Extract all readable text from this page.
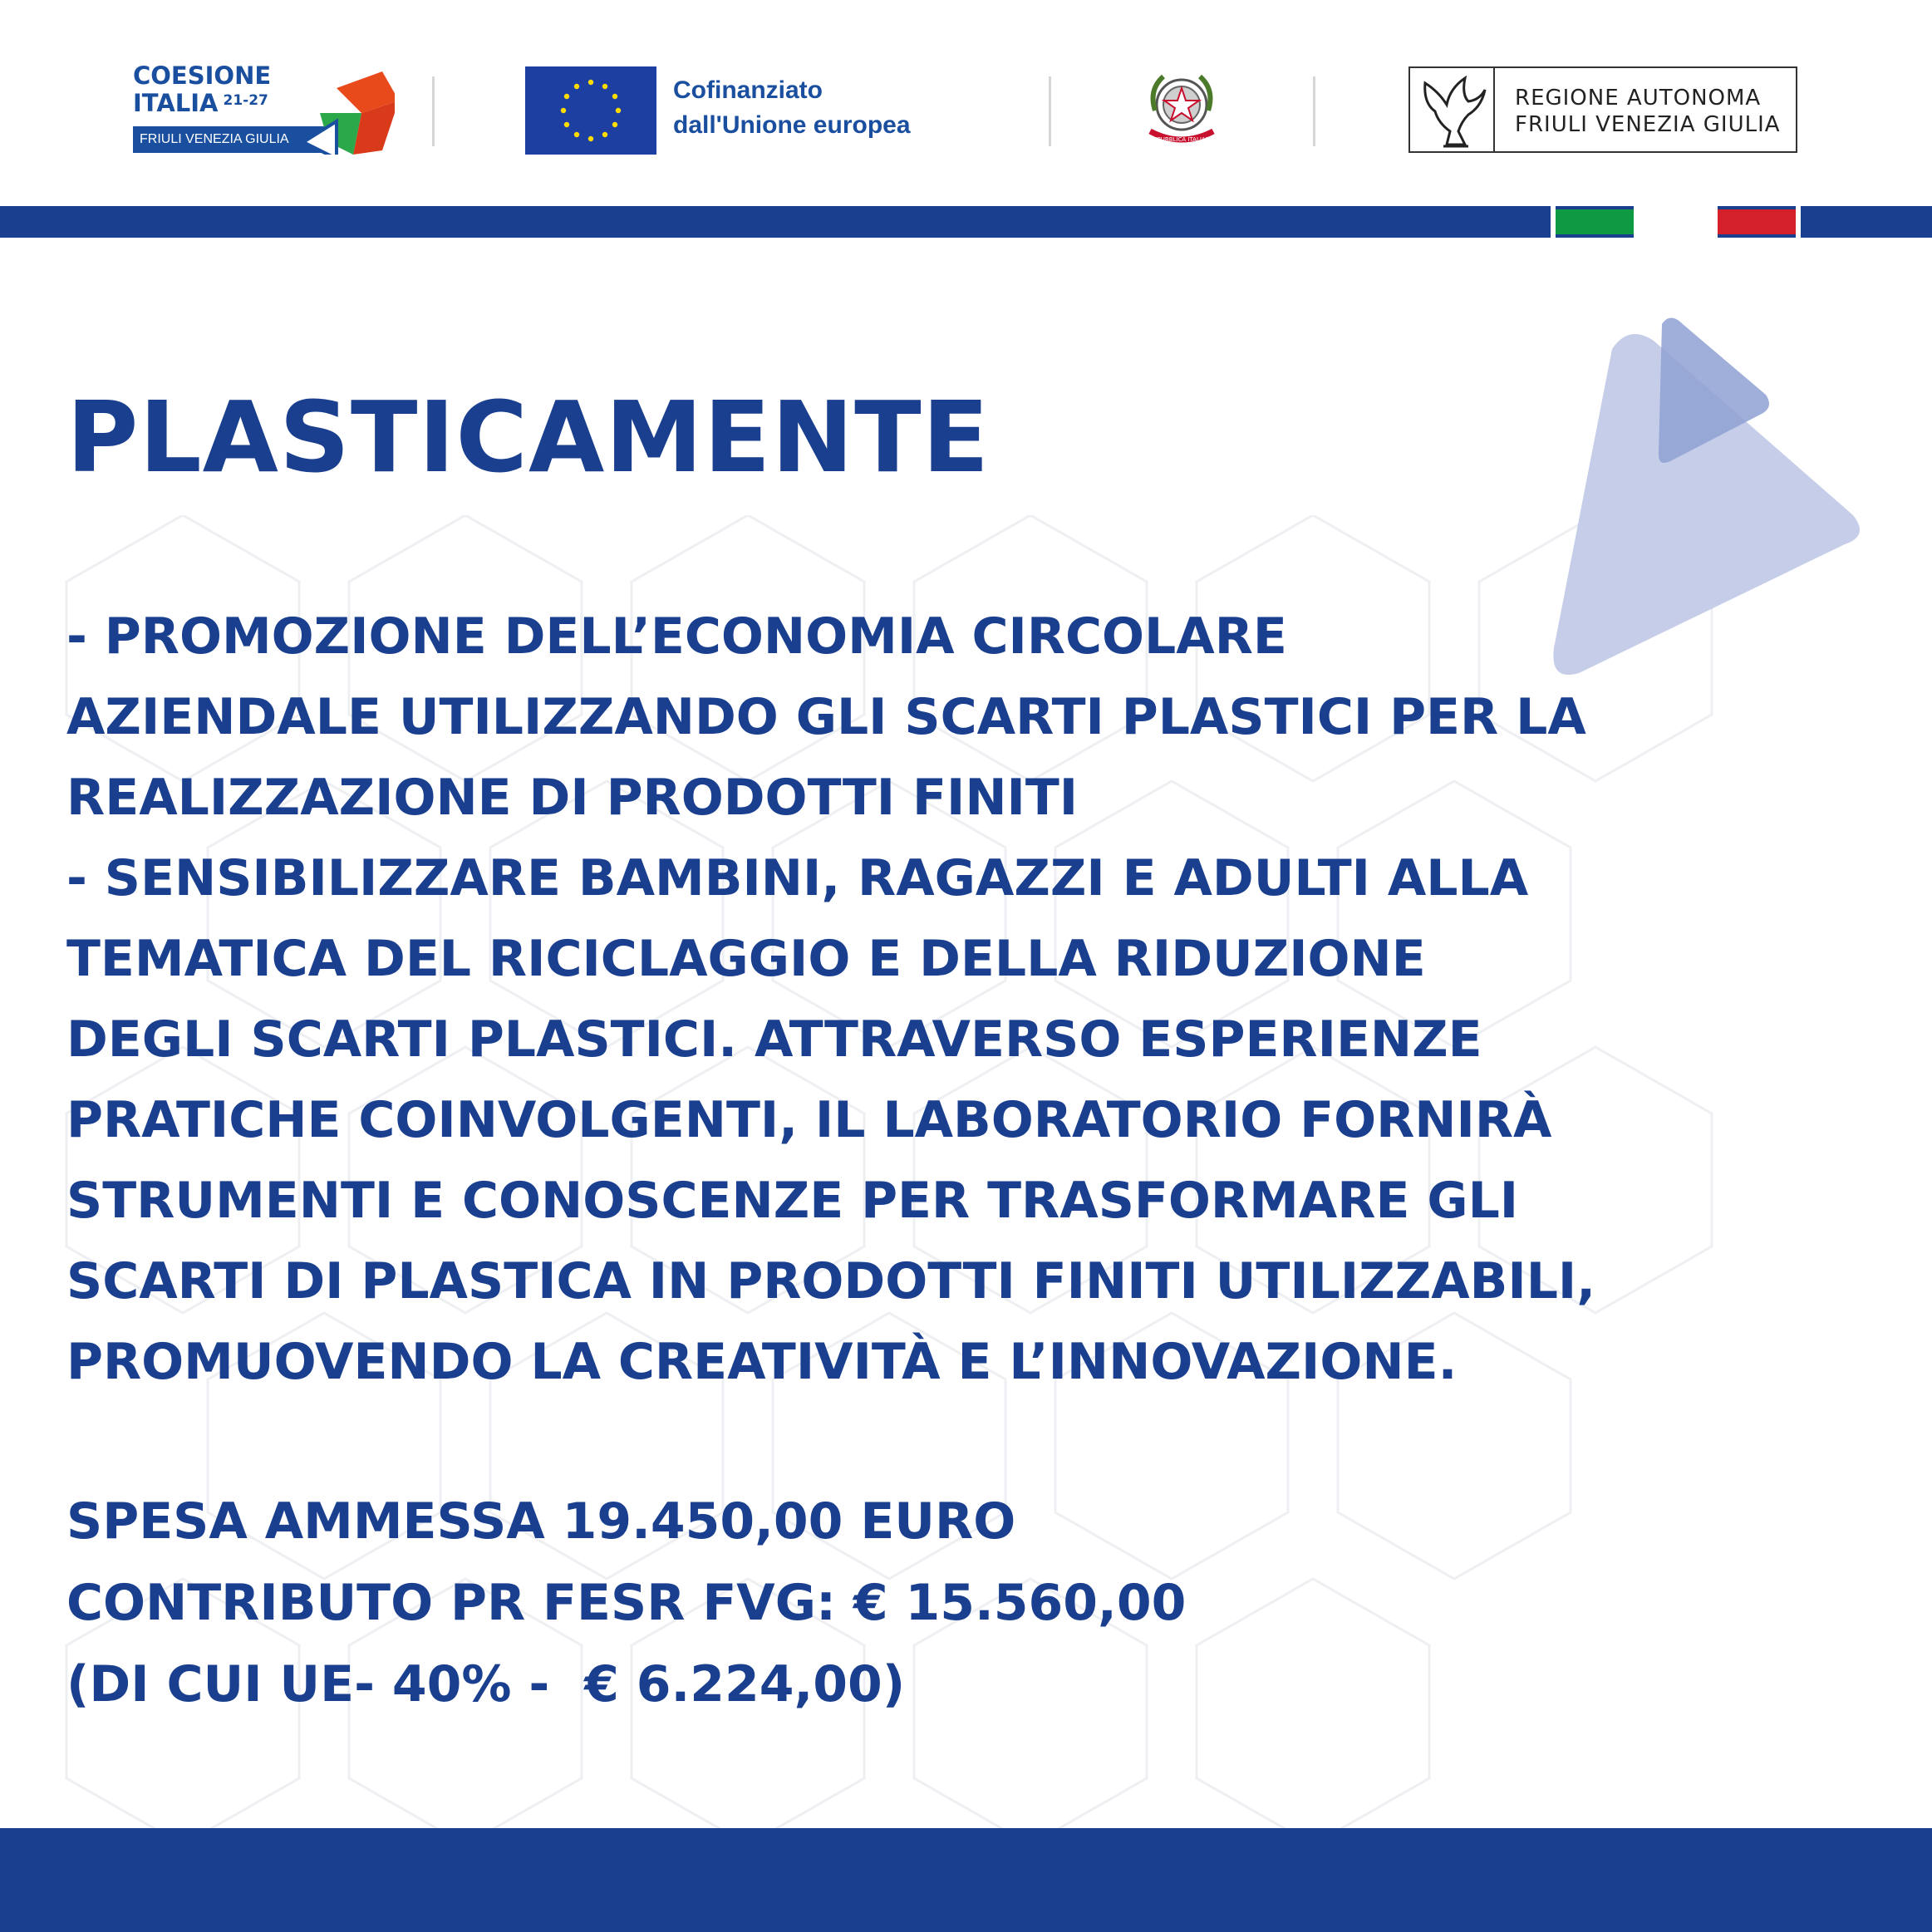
COESIONE
ITALIA $^{21-27}$
FRIULI VENEZIA GIULIA
Cofinanziato
dall'Unione europea
REPUBBLICA ITALIANA
REGIONE AUTONOMA
FRIULI VENEZIA GIULIA
PLASTICAMENTE

- PROMOZIONE DELL’ECONOMIA CIRCOLARE
AZIENDALE UTILIZZANDO GLI SCARTI PLASTICI PER LA
REALIZZAZIONE DI PRODOTTI FINITI
- SENSIBILIZZARE BAMBINI, RAGAZZI E ADULTI ALLA
TEMATICA DEL RICICLAGGIO E DELLA RIDUZIONE
DEGLI SCARTI PLASTICI. ATTRAVERSO ESPERIENZE
PRATICHE COINVOLGENTI, IL LABORATORIO FORNIRÀ
STRUMENTI E CONOSCENZE PER TRASFORMARE GLI
SCARTI DI PLASTICA IN PRODOTTI FINITI UTILIZZABILI,
PROMUOVENDO LA CREATIVITÀ E L’INNOVAZIONE.

SPESA AMMESSA 19.450,00 EURO
CONTRIBUTO PR FESR FVG: € 15.560,00
(DI CUI UE- 40% -  € 6.224,00)
